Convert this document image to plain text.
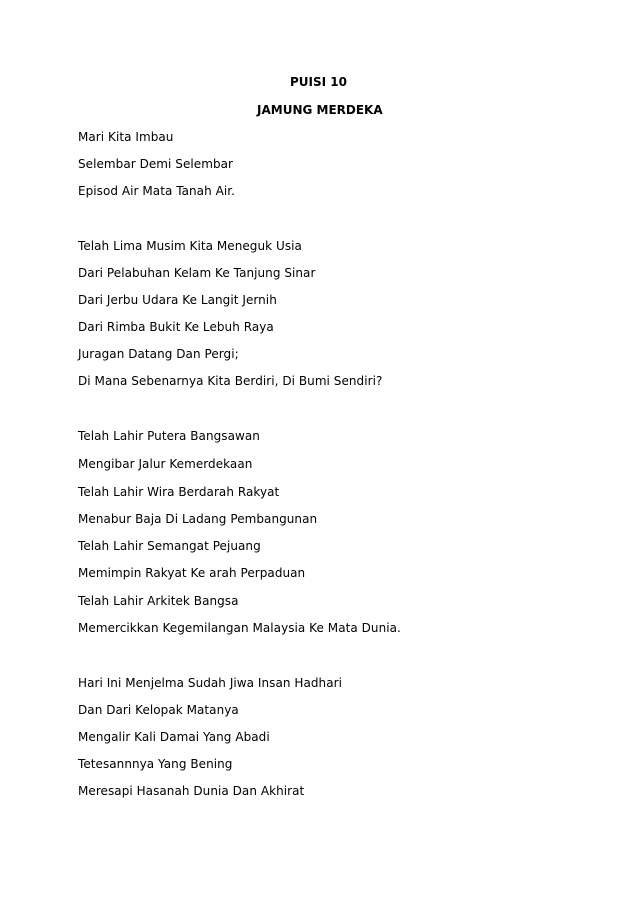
PUISI 10
JAMUNG MERDEKA
Mari Kita Imbau
Selembar Demi Selembar
Episod Air Mata Tanah Air.
Telah Lima Musim Kita Meneguk Usia
Dari Pelabuhan Kelam Ke Tanjung Sinar
Dari Jerbu Udara Ke Langit Jernih
Dari Rimba Bukit Ke Lebuh Raya
Juragan Datang Dan Pergi;
Di Mana Sebenarnya Kita Berdiri, Di Bumi Sendiri?
Telah Lahir Putera Bangsawan
Mengibar Jalur Kemerdekaan
Telah Lahir Wira Berdarah Rakyat
Menabur Baja Di Ladang Pembangunan
Telah Lahir Semangat Pejuang
Memimpin Rakyat Ke arah Perpaduan
Telah Lahir Arkitek Bangsa
Memercikkan Kegemilangan Malaysia Ke Mata Dunia.
Hari Ini Menjelma Sudah Jiwa Insan Hadhari
Dan Dari Kelopak Matanya
Mengalir Kali Damai Yang Abadi
Tetesannnya Yang Bening
Meresapi Hasanah Dunia Dan Akhirat
